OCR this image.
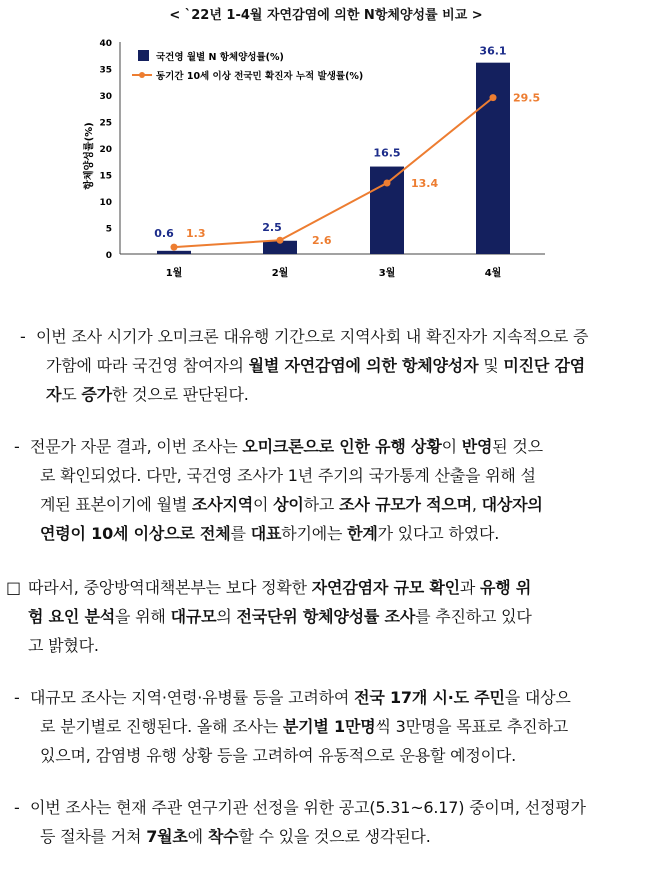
< `22년 1-4월 자연감염에 의한 N항체양성률 비교 >
0
5
10
15
20
25
30
35
40
항체양성률(%)
1월	2월	3월	4월
0.6	2.5
16.5
36.1
1.3
2.6
13.4
29.5
국건영 월별 N 항체양성률(%)
동기간 10세 이상 전국민 확진자 누적 발생률(%)
- 이번 조사 시기가 오미크론 대유행 기간으로 지역사회 내 확진자가 지속적으로 증
가함에 따라 국건영 참여자의 월별 자연감염에 의한 항체양성자 및 미진단 감염
자도 증가한 것으로 판단된다.
- 전문가 자문 결과, 이번 조사는 오미크론으로 인한 유행 상황이 반영된 것으
로 확인되었다. 다만, 국건영 조사가 1년 주기의 국가통계 산출을 위해 설
계된 표본이기에 월별 조사지역이 상이하고 조사 규모가 적으며, 대상자의
연령이 10세 이상으로 전체를 대표하기에는 한계가 있다고 하였다.
□ 따라서, 중앙방역대책본부는 보다 정확한 자연감염자 규모 확인과 유행 위
험 요인 분석을 위해 대규모의 전국단위 항체양성률 조사를 추진하고 있다
고 밝혔다.
- 대규모 조사는 지역·연령·유병률 등을 고려하여 전국 17개 시·도 주민을 대상으
로 분기별로 진행된다. 올해 조사는 분기별 1만명씩 3만명을 목표로 추진하고
있으며, 감염병 유행 상황 등을 고려하여 유동적으로 운용할 예정이다.
- 이번 조사는 현재 주관 연구기관 선정을 위한 공고(5.31~6.17) 중이며, 선정평가
등 절차를 거쳐 7월초에 착수할 수 있을 것으로 생각된다.
